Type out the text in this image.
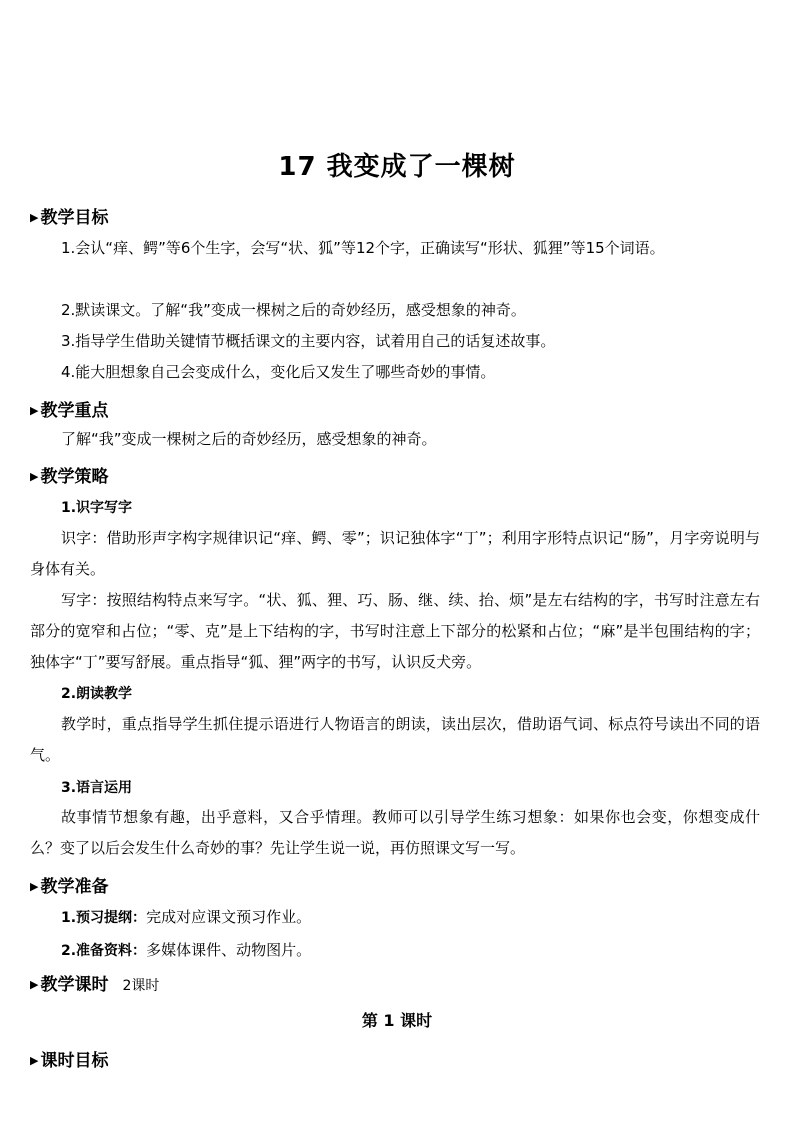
17 我变成了一棵树
▶ 教学目标
1.会认“痒、鳄”等6个生字，会写“状、狐”等12个字，正确读写“形状、狐狸”等15个词语。
2.默读课文。了解“我”变成一棵树之后的奇妙经历，感受想象的神奇。
3.指导学生借助关键情节概括课文的主要内容，试着用自己的话复述故事。
4.能大胆想象自己会变成什么，变化后又发生了哪些奇妙的事情。
▶ 教学重点
了解“我”变成一棵树之后的奇妙经历，感受想象的神奇。
▶ 教学策略
1.识字写字
识字：借助形声字构字规律识记“痒、鳄、零”；识记独体字“丁”；利用字形特点识记“肠”，月字旁说明与身体有关。
写字：按照结构特点来写字。“状、狐、狸、巧、肠、继、续、抬、烦”是左右结构的字，书写时注意左右部分的宽窄和占位；“零、克”是上下结构的字，书写时注意上下部分的松紧和占位；“麻”是半包围结构的字；独体字“丁”要写舒展。重点指导“狐、狸”两字的书写，认识反犬旁。
2.朗读教学
教学时，重点指导学生抓住提示语进行人物语言的朗读，读出层次，借助语气词、标点符号读出不同的语气。
3.语言运用
故事情节想象有趣，出乎意料，又合乎情理。教师可以引导学生练习想象：如果你也会变，你想变成什么？变了以后会发生什么奇妙的事？先让学生说一说，再仿照课文写一写。
▶ 教学准备
1.预习提纲：完成对应课文预习作业。
2.准备资料：多媒体课件、动物图片。
▶ 教学课时 2课时
第 1 课时
▶ 课时目标
